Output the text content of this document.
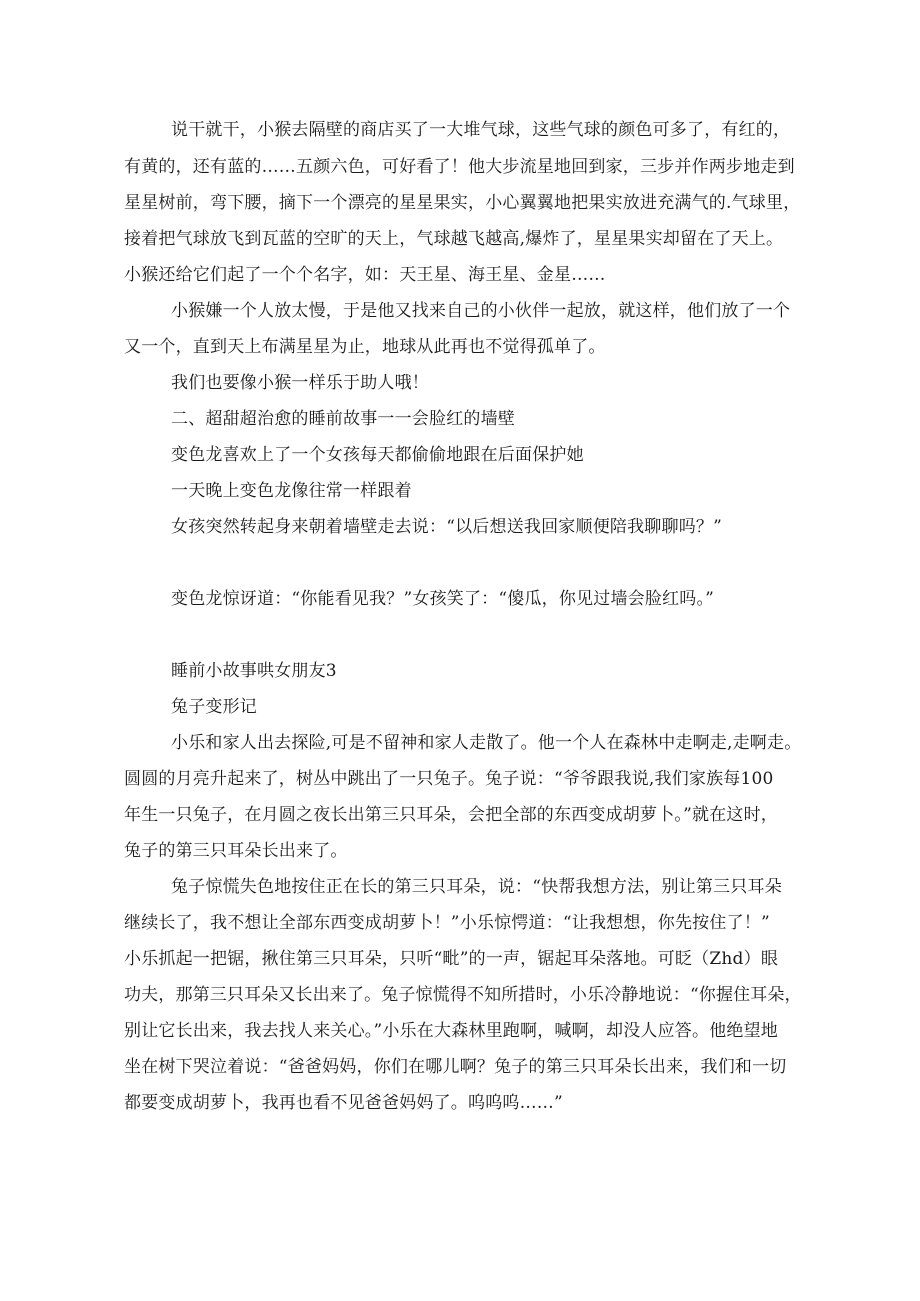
说干就干，小猴去隔壁的商店买了一大堆气球，这些气球的颜色可多了，有红的，
有黄的，还有蓝的……五颜六色，可好看了！他大步流星地回到家，三步并作两步地走到
星星树前，弯下腰，摘下一个漂亮的星星果实，小心翼翼地把果实放进充满气的.气球里，
接着把气球放飞到瓦蓝的空旷的天上，气球越飞越高,爆炸了，星星果实却留在了天上。
小猴还给它们起了一个个名字，如：天王星、海王星、金星……
小猴嫌一个人放太慢，于是他又找来自己的小伙伴一起放，就这样，他们放了一个
又一个，直到天上布满星星为止，地球从此再也不觉得孤单了。
我们也要像小猴一样乐于助人哦！
二、超甜超治愈的睡前故事一一会脸红的墙壁
变色龙喜欢上了一个女孩每天都偷偷地跟在后面保护她
一天晚上变色龙像往常一样跟着
女孩突然转起身来朝着墙壁走去说：“以后想送我回家顺便陪我聊聊吗？”
变色龙惊讶道：“你能看见我？”女孩笑了：“傻瓜，你见过墙会脸红吗。”
睡前小故事哄女朋友3
兔子变形记
小乐和家人出去探险,可是不留神和家人走散了。他一个人在森林中走啊走,走啊走。
圆圆的月亮升起来了，树丛中跳出了一只兔子。兔子说：“爷爷跟我说,我们家族每100
年生一只兔子，在月圆之夜长出第三只耳朵，会把全部的东西变成胡萝卜。”就在这时，
兔子的第三只耳朵长出来了。
兔子惊慌失色地按住正在长的第三只耳朵，说：“快帮我想方法，别让第三只耳朵
继续长了，我不想让全部东西变成胡萝卜！”小乐惊愕道：“让我想想，你先按住了！”
小乐抓起一把锯，揪住第三只耳朵，只听“毗”的一声，锯起耳朵落地。可眨（Zhd）眼
功夫，那第三只耳朵又长出来了。兔子惊慌得不知所措时，小乐冷静地说：“你握住耳朵，
别让它长出来，我去找人来关心。”小乐在大森林里跑啊，喊啊，却没人应答。他绝望地
坐在树下哭泣着说：“爸爸妈妈，你们在哪儿啊？兔子的第三只耳朵长出来，我们和一切
都要变成胡萝卜，我再也看不见爸爸妈妈了。呜呜呜……”
